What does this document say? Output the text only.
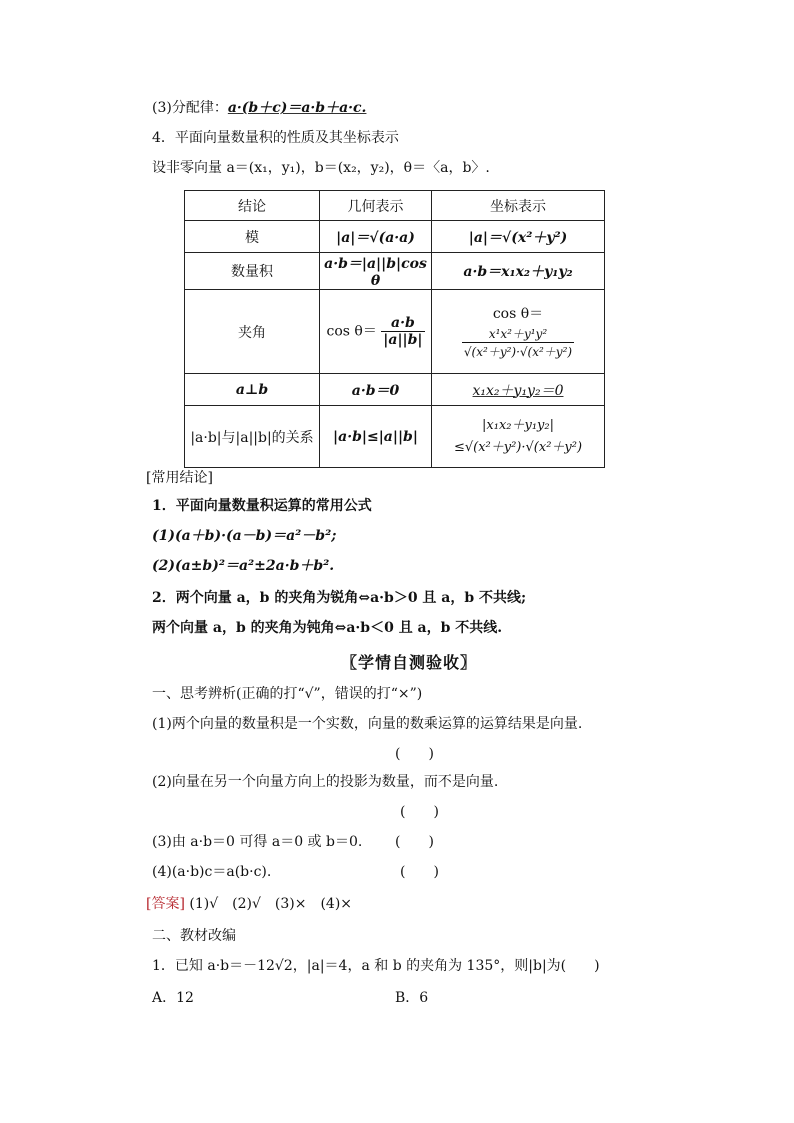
(3)分配律：a·(b＋c)＝a·b＋a·c.
4．平面向量数量积的性质及其坐标表示
设非零向量 a＝(x₁，y₁)，b＝(x₂，y₂)，θ＝〈a，b〉.
结论	几何表示	坐标表示
模	|a|＝√(a·a)	|a|＝√(x²＋y²)
数量积	a·b＝|a||b|cos θ	a·b＝x₁x₂＋y₁y₂
夹角	$\cos \theta= \frac{a\cdot b}{|a||b|}$	cos θ＝
$\frac{\text{x¹x²＋y¹y²}}{\text{√(x²＋y²)·√(x²＋y²)}}$

a⊥b	a·b＝0	x₁x₂＋y₁y₂＝0
|a·b|与|a||b|的关系	|a·b|≤|a||b|	|x₁x₂＋y₁y₂|
≤√(x²＋y²)·√(x²＋y²)
[常用结论]
1．平面向量数量积运算的常用公式
(1)(a＋b)·(a－b)＝a²－b²;
(2)(a±b)²＝a²±2a·b＋b².
2．两个向量 a，b 的夹角为锐角⇔a·b＞0 且 a，b 不共线;
两个向量 a，b 的夹角为钝角⇔a·b＜0 且 a，b 不共线.
〖学情自测验收〗
一、思考辨析(正确的打“√”，错误的打“×”)
(1)两个向量的数量积是一个实数，向量的数乘运算的运算结果是向量.
(　　)
(2)向量在另一个向量方向上的投影为数量，而不是向量.
(　　)
(3)由 a·b＝0 可得 a＝0 或 b＝0. (　　)
(4)(a·b)c＝a(b·c).	(　　)
[答案] (1)√　(2)√　(3)×　(4)×
二、教材改编
1．已知 a·b＝－12√2，|a|＝4，a 和 b 的夹角为 135°，则|b|为(　　)
A．12	B．6
